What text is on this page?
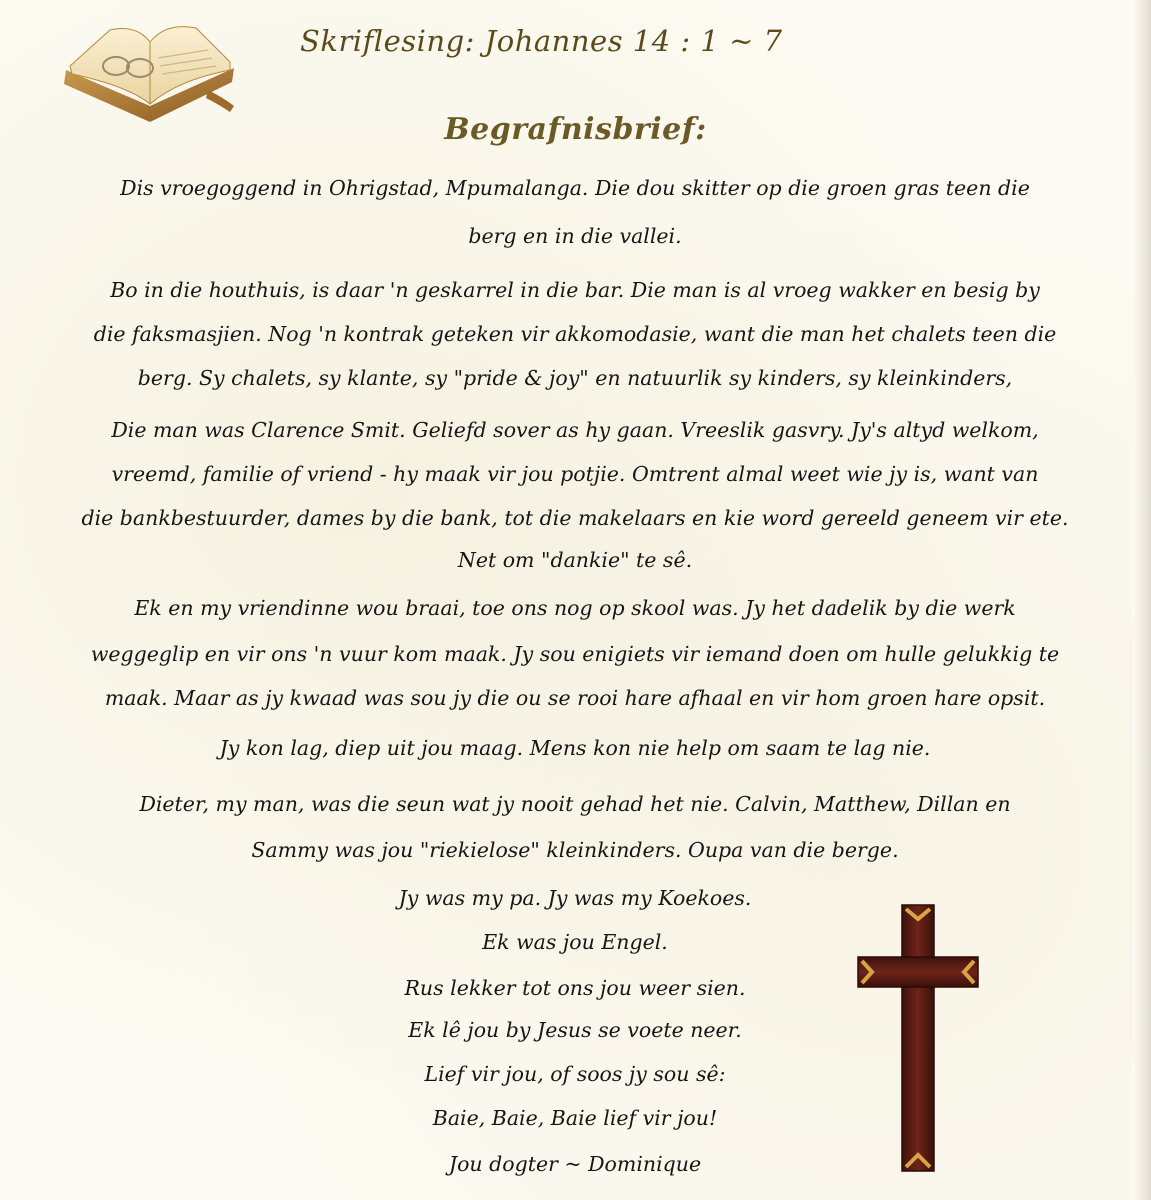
Skriflesing: Johannes 14 : 1 ~ 7
Begrafnisbrief:
Dis vroegoggend in Ohrigstad, Mpumalanga. Die dou skitter op die groen gras teen die
berg en in die vallei.
Bo in die houthuis, is daar 'n geskarrel in die bar. Die man is al vroeg wakker en besig by
die faksmasjien. Nog 'n kontrak geteken vir akkomodasie, want die man het chalets teen die
berg. Sy chalets, sy klante, sy "pride & joy" en natuurlik sy kinders, sy kleinkinders,
Die man was Clarence Smit. Geliefd sover as hy gaan. Vreeslik gasvry. Jy's altyd welkom,
vreemd, familie of vriend - hy maak vir jou potjie. Omtrent almal weet wie jy is, want van
die bankbestuurder, dames by die bank, tot die makelaars en kie word gereeld geneem vir ete.
Net om "dankie" te sê.
Ek en my vriendinne wou braai, toe ons nog op skool was. Jy het dadelik by die werk
weggeglip en vir ons 'n vuur kom maak. Jy sou enigiets vir iemand doen om hulle gelukkig te
maak. Maar as jy kwaad was sou jy die ou se rooi hare afhaal en vir hom groen hare opsit.
Jy kon lag, diep uit jou maag. Mens kon nie help om saam te lag nie.
Dieter, my man, was die seun wat jy nooit gehad het nie. Calvin, Matthew, Dillan en
Sammy was jou "riekielose" kleinkinders. Oupa van die berge.
Jy was my pa. Jy was my Koekoes.
Ek was jou Engel.
Rus lekker tot ons jou weer sien.
Ek lê jou by Jesus se voete neer.
Lief vir jou, of soos jy sou sê:
Baie, Baie, Baie lief vir jou!
Jou dogter ~ Dominique
